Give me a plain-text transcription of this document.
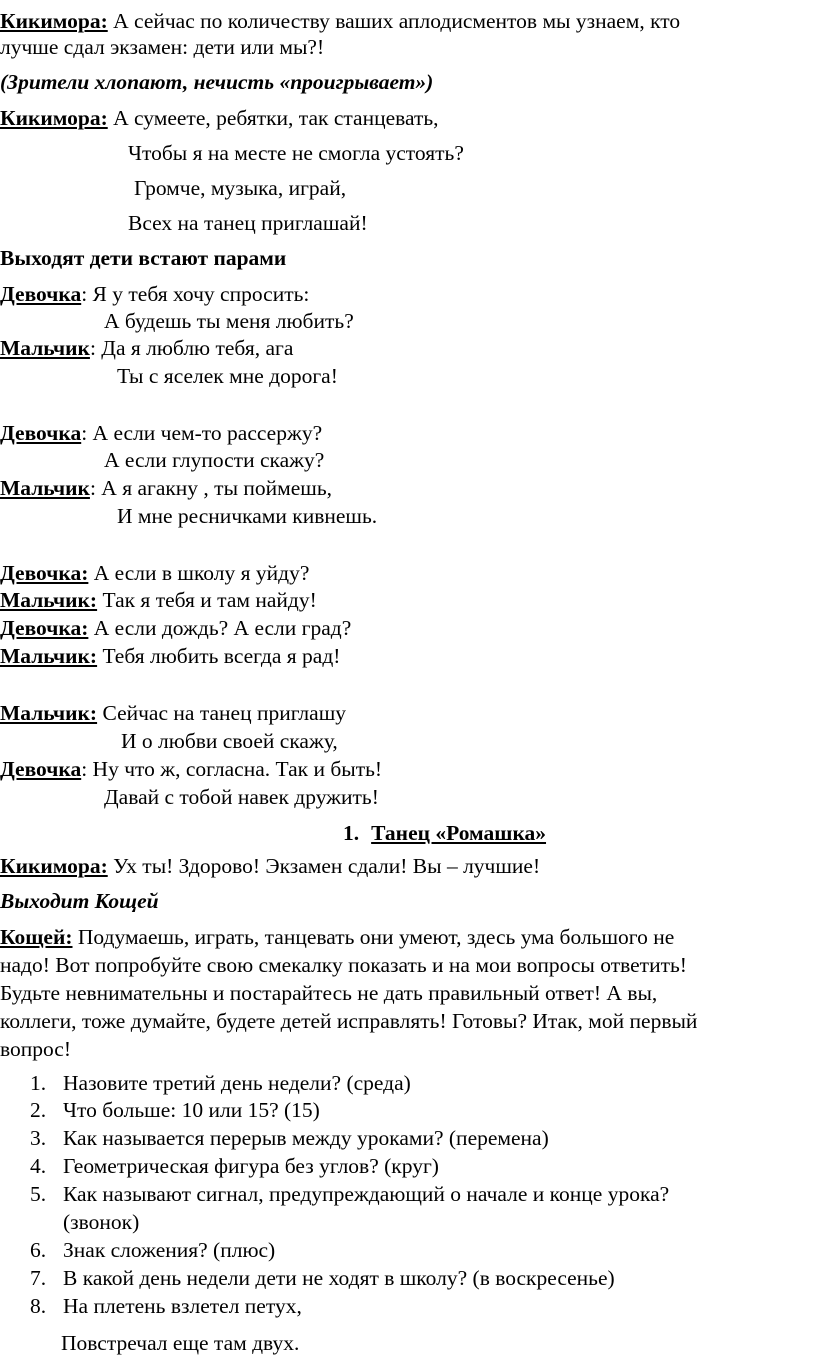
Кикимора: А сейчас по количеству ваших аплодисментов мы узнаем, кто
лучше сдал экзамен: дети или мы?!
(Зрители хлопают, нечисть «проигрывает»)
Кикимора: А сумеете, ребятки, так станцевать,
Чтобы я на месте не смогла устоять?
Громче, музыка, играй,
Всех на танец приглашай!
Выходят дети встают парами
Девочка: Я у тебя хочу спросить:
А будешь ты меня любить?
Мальчик: Да я люблю тебя, ага
Ты с яселек мне дорога!
Девочка: А если чем-то рассержу?
А если глупости скажу?
Мальчик: А я агакну , ты поймешь,
И мне ресничками кивнешь.
Девочка: А если в школу я уйду?
Мальчик: Так я тебя и там найду!
Девочка: А если дождь? А если град?
Мальчик: Тебя любить всегда я рад!
Мальчик: Сейчас на танец приглашу
И о любви своей скажу,
Девочка: Ну что ж, согласна. Так и быть!
Давай с тобой навек дружить!
1. Танец «Ромашка»
Кикимора: Ух ты! Здорово! Экзамен сдали! Вы – лучшие!
Выходит Кощей
Кощей: Подумаешь, играть, танцевать они умеют, здесь ума большого не
надо! Вот попробуйте свою смекалку показать и на мои вопросы ответить!
Будьте невнимательны и постарайтесь не дать правильный ответ! А вы,
коллеги, тоже думайте, будете детей исправлять! Готовы? Итак, мой первый
вопрос!
1. Назовите третий день недели? (среда)
2. Что больше: 10 или 15? (15)
3. Как называется перерыв между уроками? (перемена)
4. Геометрическая фигура без углов? (круг)
5. Как называют сигнал, предупреждающий о начале и конце урока?
(звонок)
6. Знак сложения? (плюс)
7. В какой день недели дети не ходят в школу? (в воскресенье)
8. На плетень взлетел петух,
Повстречал еще там двух.
